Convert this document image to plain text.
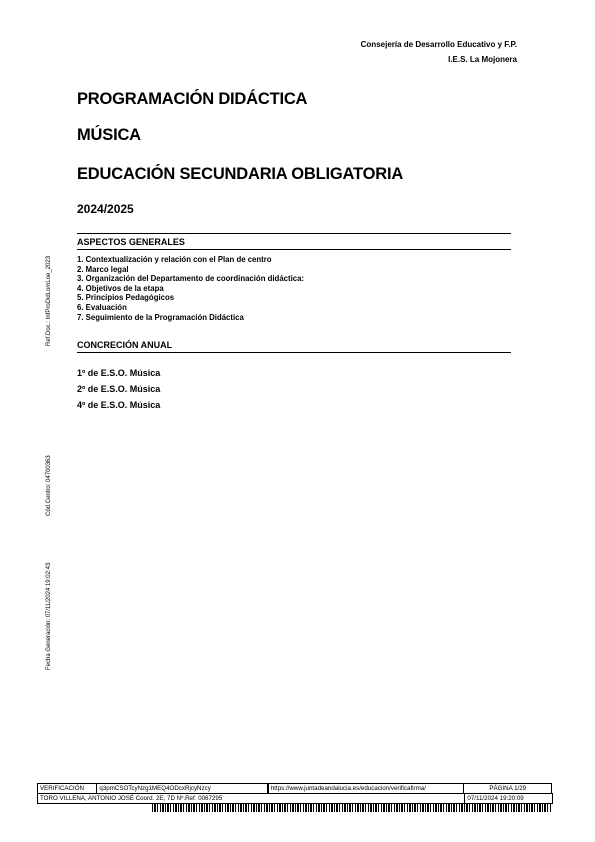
Consejería de Desarrollo Educativo y F.P.
I.E.S. La Mojonera
PROGRAMACIÓN DIDÁCTICA
MÚSICA
EDUCACIÓN SECUNDARIA OBLIGATORIA
2024/2025
ASPECTOS GENERALES
1. Contextualización y relación con el Plan de centro
2. Marco legal
3. Organización del Departamento de coordinación didáctica:
4. Objetivos de la etapa
5. Principios Pedagógicos
6. Evaluación
7. Seguimiento de la Programación Didáctica
CONCRECIÓN ANUAL
1º de E.S.O. Música
2º de E.S.O. Música
4º de E.S.O. Música
Ref.Doc.: InfProDidLomLoe_2023
Cód.Centro: 04700363
Fecha Generación: 07/11/2024 19:02:43
VERIFICACIÓN	q3pmCSOTcyNzg1MEQ4ODcxRjcyNzcy	https://www.juntadeandalucia.es/educacion/verificafirma/	PÁGINA 1/29
TORO VILLENA, ANTONIO JOSÉ Coord. 2E, 7D Nº.Ref: 0067295	07/11/2024 19:20:09
